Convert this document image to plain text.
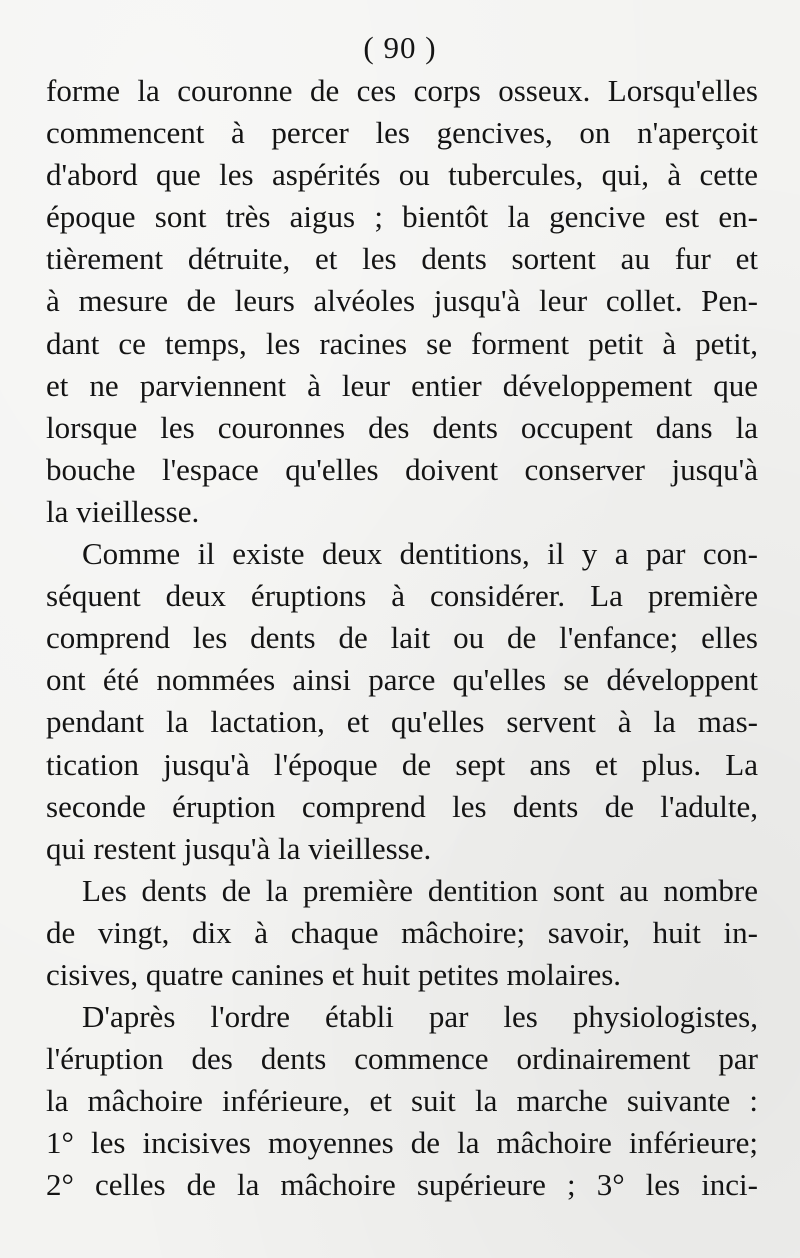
( 90 )
forme la couronne de ces corps osseux. Lorsqu'elles
commencent à percer les gencives, on n'aperçoit
d'abord que les aspérités ou tubercules, qui, à cette
époque sont très aigus ; bientôt la gencive est en-
tièrement détruite, et les dents sortent au fur et
à mesure de leurs alvéoles jusqu'à leur collet. Pen-
dant ce temps, les racines se forment petit à petit,
et ne parviennent à leur entier développement que
lorsque les couronnes des dents occupent dans la
bouche l'espace qu'elles doivent conserver jusqu'à
la vieillesse.
Comme il existe deux dentitions, il y a par con-
séquent deux éruptions à considérer. La première
comprend les dents de lait ou de l'enfance; elles
ont été nommées ainsi parce qu'elles se développent
pendant la lactation, et qu'elles servent à la mas-
tication jusqu'à l'époque de sept ans et plus. La
seconde éruption comprend les dents de l'adulte,
qui restent jusqu'à la vieillesse.
Les dents de la première dentition sont au nombre
de vingt, dix à chaque mâchoire; savoir, huit in-
cisives, quatre canines et huit petites molaires.
D'après l'ordre établi par les physiologistes,
l'éruption des dents commence ordinairement par
la mâchoire inférieure, et suit la marche suivante :
1° les incisives moyennes de la mâchoire inférieure;
2° celles de la mâchoire supérieure ; 3° les inci-
